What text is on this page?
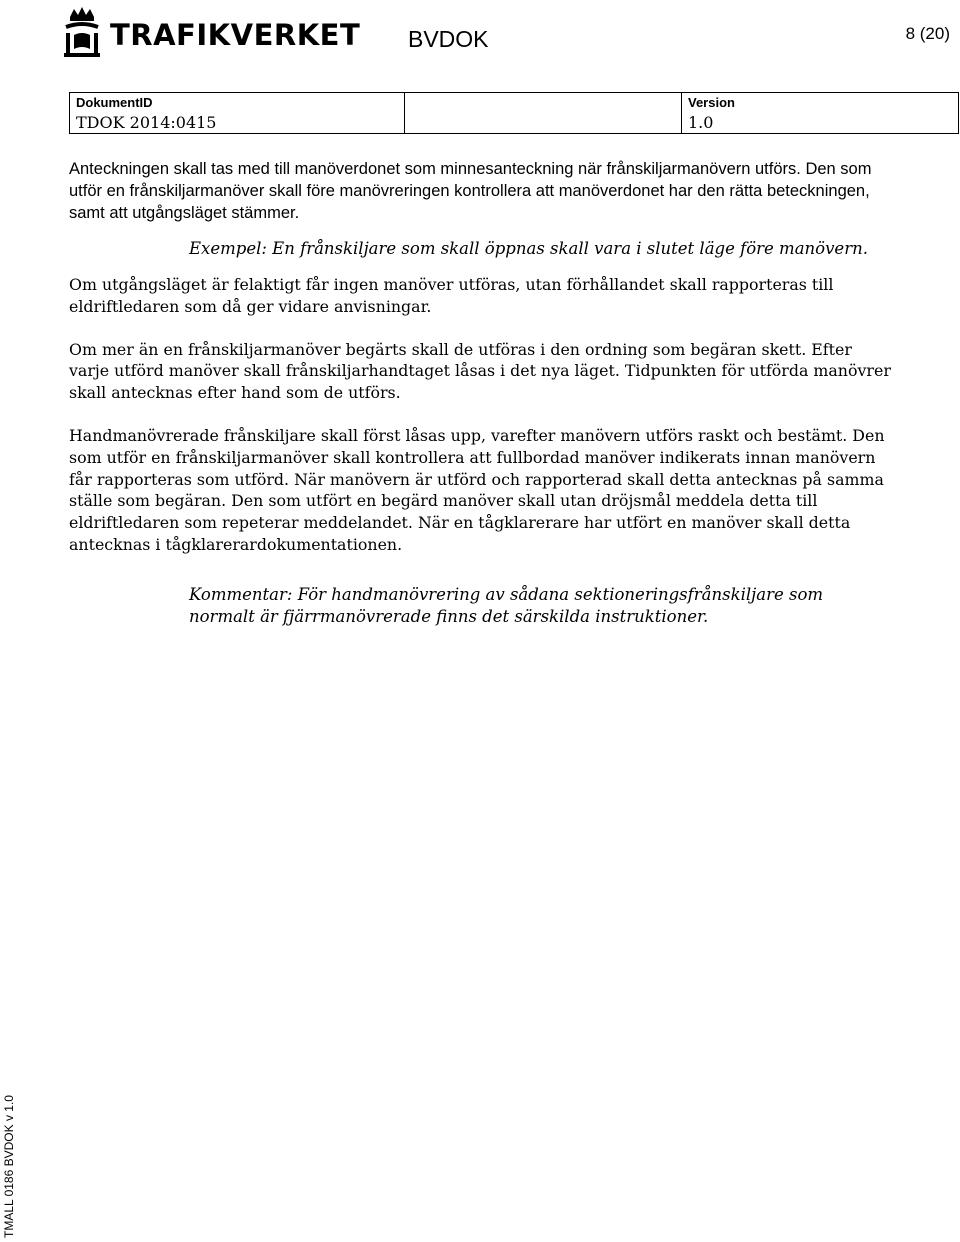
TRAFIKVERKET BVDOK	8 (20)
DokumentID
TDOK 2014:0415
Version
1.0

Anteckningen skall tas med till manöverdonet som minnesanteckning när frånskiljarmanövern utförs. Den som utför en frånskiljarmanöver skall före manövreringen kontrollera att manöverdonet har den rätta beteckningen, samt att utgångsläget stämmer.

Exempel: En frånskiljare som skall öppnas skall vara i slutet läge före manövern.

Om utgångsläget är felaktigt får ingen manöver utföras, utan förhållandet skall rapporteras till eldriftledaren som då ger vidare anvisningar.

Om mer än en frånskiljarmanöver begärts skall de utföras i den ordning som begäran skett. Efter varje utförd manöver skall frånskiljarhandtaget låsas i det nya läget. Tidpunkten för utförda manövrer skall antecknas efter hand som de utförs.

Handmanövrerade frånskiljare skall först låsas upp, varefter manövern utförs raskt och bestämt. Den som utför en frånskiljarmanöver skall kontrollera att fullbordad manöver indikerats innan manövern får rapporteras som utförd. När manövern är utförd och rapporterad skall detta antecknas på samma ställe som begäran. Den som utfört en begärd manöver skall utan dröjsmål meddela detta till eldriftledaren som repeterar meddelandet. När en tågklarerare har utfört en manöver skall detta antecknas i tågklarerardokumentationen.

Kommentar: För handmanövrering av sådana sektioneringsfrånskiljare som normalt är fjärrmanövrerade finns det särskilda instruktioner.

TMALL 0186 BVDOK v 1.0
